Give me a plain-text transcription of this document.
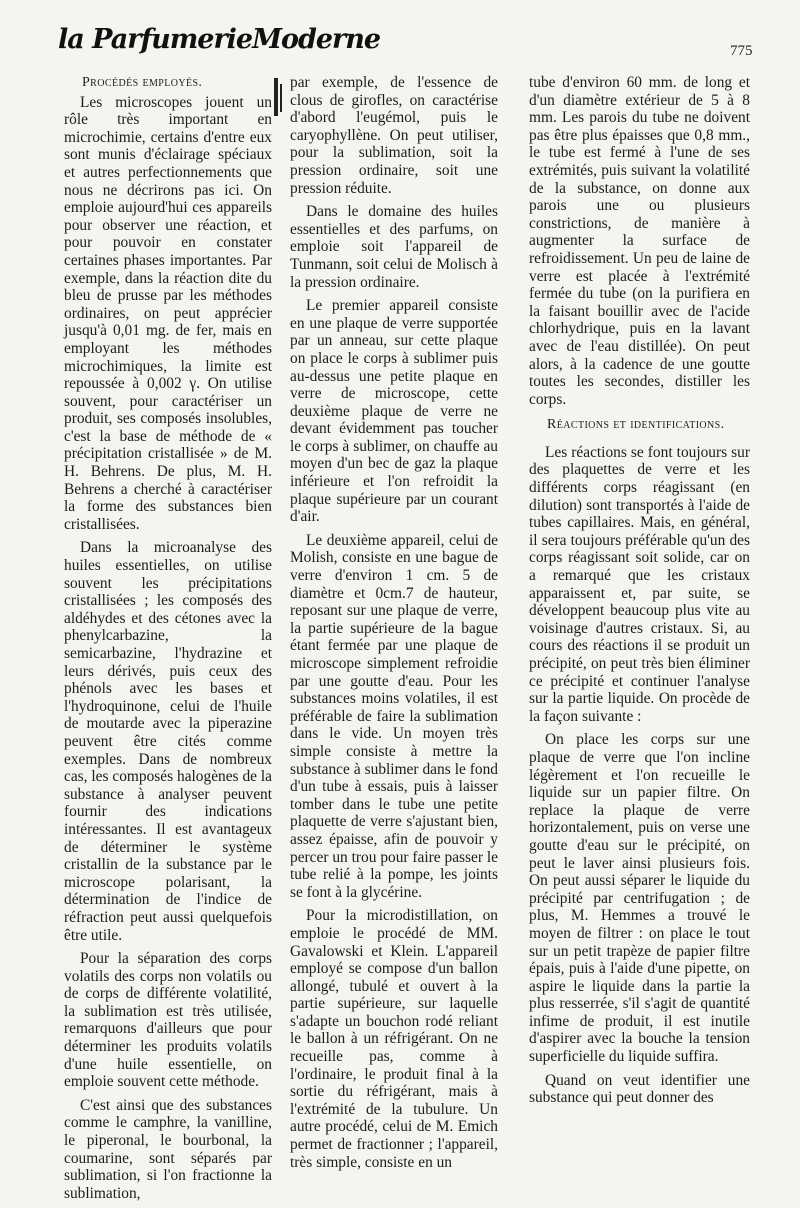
la ParfumerieModerne	775
Procédés employés.

Les microscopes jouent un rôle très important en microchimie, certains d'entre eux sont munis d'éclairage spéciaux et autres perfectionnements que nous ne décrirons pas ici. On emploie aujourd'hui ces appareils pour observer une réaction, et pour pouvoir en constater certaines phases importantes. Par exemple, dans la réaction dite du bleu de prusse par les méthodes ordinaires, on peut apprécier jusqu'à 0,01 mg. de fer, mais en employant les méthodes microchimiques, la limite est repoussée à 0,002 γ. On utilise souvent, pour caractériser un produit, ses composés insolubles, c'est la base de méthode de « précipitation cristallisée » de M. H. Behrens. De plus, M. H. Behrens a cherché à caractériser la forme des substances bien cristallisées.

Dans la microanalyse des huiles essentielles, on utilise souvent les précipitations cristallisées ; les composés des aldéhydes et des cétones avec la phenylcarbazine, la semicarbazine, l'hydrazine et leurs dérivés, puis ceux des phénols avec les bases et l'hydroquinone, celui de l'huile de moutarde avec la piperazine peuvent être cités comme exemples. Dans de nombreux cas, les composés halogènes de la substance à analyser peuvent fournir des indications intéressantes. Il est avantageux de déterminer le système cristallin de la substance par le microscope polarisant, la détermination de l'indice de réfraction peut aussi quelquefois être utile.

Pour la séparation des corps volatils des corps non volatils ou de corps de différente volatilité, la sublimation est très utilisée, remarquons d'ailleurs que pour déterminer les produits volatils d'une huile essentielle, on emploie souvent cette méthode.

C'est ainsi que des substances comme le camphre, la vanilline, le piperonal, le bourbonal, la coumarine, sont séparés par sublimation, si l'on fractionne la sublimation,

par exemple, de l'essence de clous de girofles, on caractérise d'abord l'eugémol, puis le caryophyllène. On peut utiliser, pour la sublimation, soit la pression ordinaire, soit une pression réduite.

Dans le domaine des huiles essentielles et des parfums, on emploie soit l'appareil de Tunmann, soit celui de Molisch à la pression ordinaire.

Le premier appareil consiste en une plaque de verre supportée par un anneau, sur cette plaque on place le corps à sublimer puis au-dessus une petite plaque en verre de microscope, cette deuxième plaque de verre ne devant évidemment pas toucher le corps à sublimer, on chauffe au moyen d'un bec de gaz la plaque inférieure et l'on refroidit la plaque supérieure par un courant d'air.

Le deuxième appareil, celui de Molish, consiste en une bague de verre d'environ 1 cm. 5 de diamètre et 0cm.7 de hauteur, reposant sur une plaque de verre, la partie supérieure de la bague étant fermée par une plaque de microscope simplement refroidie par une goutte d'eau. Pour les substances moins volatiles, il est préférable de faire la sublimation dans le vide. Un moyen très simple consiste à mettre la substance à sublimer dans le fond d'un tube à essais, puis à laisser tomber dans le tube une petite plaquette de verre s'ajustant bien, assez épaisse, afin de pouvoir y percer un trou pour faire passer le tube relié à la pompe, les joints se font à la glycérine.

Pour la microdistillation, on emploie le procédé de MM. Gavalowski et Klein. L'appareil employé se compose d'un ballon allongé, tubulé et ouvert à la partie supérieure, sur laquelle s'adapte un bouchon rodé reliant le ballon à un réfrigérant. On ne recueille pas, comme à l'ordinaire, le produit final à la sortie du réfrigérant, mais à l'extrémité de la tubulure. Un autre procédé, celui de M. Emich permet de fractionner ; l'appareil, très simple, consiste en un

tube d'environ 60 mm. de long et d'un diamètre extérieur de 5 à 8 mm. Les parois du tube ne doivent pas être plus épaisses que 0,8 mm., le tube est fermé à l'une de ses extrémités, puis suivant la volatilité de la substance, on donne aux parois une ou plusieurs constrictions, de manière à augmenter la surface de refroidissement. Un peu de laine de verre est placée à l'extrémité fermée du tube (on la purifiera en la faisant bouillir avec de l'acide chlorhydrique, puis en la lavant avec de l'eau distillée). On peut alors, à la cadence de une goutte toutes les secondes, distiller les corps.

Réactions et identifications.

Les réactions se font toujours sur des plaquettes de verre et les différents corps réagissant (en dilution) sont transportés à l'aide de tubes capillaires. Mais, en général, il sera toujours préférable qu'un des corps réagissant soit solide, car on a remarqué que les cristaux apparaissent et, par suite, se développent beaucoup plus vite au voisinage d'autres cristaux. Si, au cours des réactions il se produit un précipité, on peut très bien éliminer ce précipité et continuer l'analyse sur la partie liquide. On procède de la façon suivante :

On place les corps sur une plaque de verre que l'on incline légèrement et l'on recueille le liquide sur un papier filtre. On replace la plaque de verre horizontalement, puis on verse une goutte d'eau sur le précipité, on peut le laver ainsi plusieurs fois. On peut aussi séparer le liquide du précipité par centrifugation ; de plus, M. Hemmes a trouvé le moyen de filtrer : on place le tout sur un petit trapèze de papier filtre épais, puis à l'aide d'une pipette, on aspire le liquide dans la partie la plus resserrée, s'il s'agit de quantité infime de produit, il est inutile d'aspirer avec la bouche la tension superficielle du liquide suffira.

Quand on veut identifier une substance qui peut donner des
